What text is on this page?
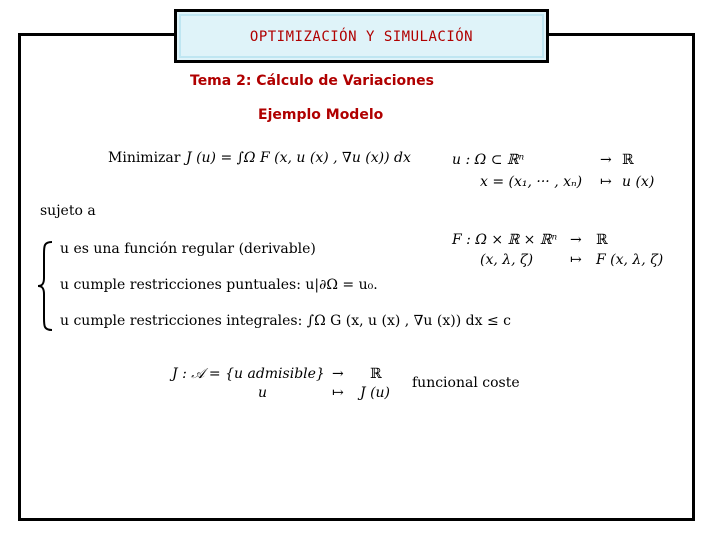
OPTIMIZACIÓN Y SIMULACIÓN
Tema 2: Cálculo de Variaciones
Ejemplo Modelo
Minimizar J (u) = ∫Ω F (x, u (x) , ∇u (x)) dx	u : Ω ⊂ ℝⁿ	→ ℝ
x = (x₁, ··· , xₙ) ↦ u (x)
sujeto a
u es una función regular (derivable)
u cumple restricciones puntuales: u|∂Ω = u₀.
u cumple restricciones integrales: ∫Ω G (x, u (x) , ∇u (x)) dx ≤ c
F : Ω × ℝ × ℝⁿ → ℝ
(x, λ, ζ)	↦ F (x, λ, ζ)
J : 𝒜 = {u admisible} → ℝ
u	↦ J (u)
funcional coste
